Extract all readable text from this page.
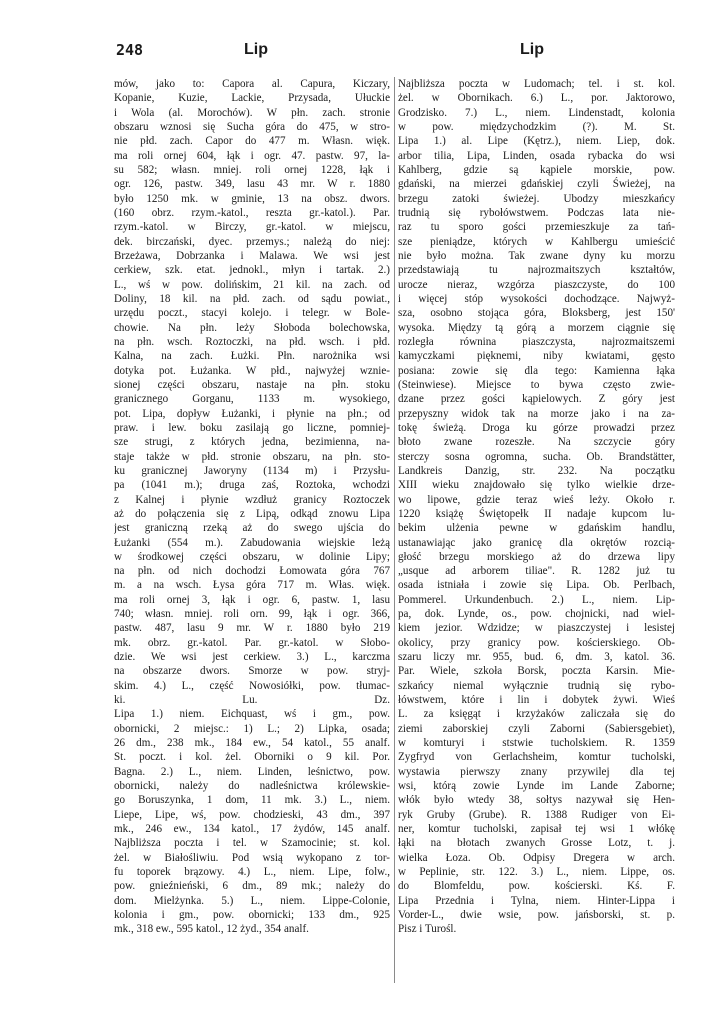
248	Lip	Lip
mów, jako to: Capora al. Capura, Kiczary,
Kopanie, Kuzie, Lackie, Przysada, Ułuckie
i Wola (al. Morochów). W płn. zach. stronie
obszaru wznosi się Sucha góra do 475, w stro-
nie płd. zach. Capor do 477 m. Własn. więk.
ma roli ornej 604, łąk i ogr. 47. pastw. 97, la-
su 582; własn. mniej. roli ornej 1228, łąk i
ogr. 126, pastw. 349, lasu 43 mr. W r. 1880
było 1250 mk. w gminie, 13 na obsz. dwors.
(160 obrz. rzym.-katol., reszta gr.-katol.). Par.
rzym.-katol. w Birczy, gr.-katol. w miejscu,
dek. birczański, dyec. przemys.; należą do niej:
Brzeżawa, Dobrzanka i Malawa. We wsi jest
cerkiew, szk. etat. jednokl., młyn i tartak. 2.)
L., wś w pow. dolińskim, 21 kil. na zach. od
Doliny, 18 kil. na płd. zach. od sądu powiat.,
urzędu poczt., stacyi kolejo. i telegr. w Bole-
chowie. Na płn. leży Słoboda bolechowska,
na płn. wsch. Roztoczki, na płd. wsch. i płd.
Kalna, na zach. Łużki. Płn. narożnika wsi
dotyka pot. Łużanka. W płd., najwyżej wznie-
sionej części obszaru, nastaje na płn. stoku
granicznego Gorganu, 1133 m. wysokiego,
pot. Lipa, dopływ Łużanki, i płynie na płn.; od
praw. i lew. boku zasilają go liczne, pomniej-
sze strugi, z których jedna, bezimienna, na-
staje także w płd. stronie obszaru, na płn. sto-
ku granicznej Jaworyny (1134 m) i Przysłu-
pa (1041 m.); druga zaś, Roztoka, wchodzi
z Kalnej i płynie wzdłuż granicy Roztoczek
aż do połączenia się z Lipą, odkąd znowu Lipa
jest graniczną rzeką aż do swego ujścia do
Łużanki (554 m.). Zabudowania wiejskie leżą
w środkowej części obszaru, w dolinie Lipy;
na płn. od nich dochodzi Łomowata góra 767
m. a na wsch. Łysa góra 717 m. Włas. więk.
ma roli ornej 3, łąk i ogr. 6, pastw. 1, lasu
740; własn. mniej. roli orn. 99, łąk i ogr. 366,
pastw. 487, lasu 9 mr. W r. 1880 było 219
mk. obrz. gr.-katol. Par. gr.-katol. w Słobo-
dzie. We wsi jest cerkiew. 3.) L., karczma
na obszarze dwors. Smorze w pow. stryj-
skim. 4.) L., część Nowosiółki, pow. tłumac-
ki. Lu. Dz.
Lipa 1.) niem. Eichquast, wś i gm., pow.
obornicki, 2 miejsc.: 1) L.; 2) Lipka, osada;
26 dm., 238 mk., 184 ew., 54 katol., 55 analf.
St. poczt. i kol. żel. Oborniki o 9 kil. Por.
Bagna. 2.) L., niem. Linden, leśnictwo, pow.
obornicki, należy do nadleśnictwa królewskie-
go Boruszynka, 1 dom, 11 mk. 3.) L., niem.
Liepe, Lipe, wś, pow. chodzieski, 43 dm., 397
mk., 246 ew., 134 katol., 17 żydów, 145 analf.
Najbliższa poczta i tel. w Szamocinie; st. kol.
żel. w Białośliwiu. Pod wsią wykopano z tor-
fu toporek brązowy. 4.) L., niem. Lipe, folw.,
pow. gnieźnieński, 6 dm., 89 mk.; należy do
dom. Mielżynka. 5.) L., niem. Lippe-Colonie,
kolonia i gm., pow. obornicki; 133 dm., 925
mk., 318 ew., 595 katol., 12 żyd., 354 analf.
Najbliższa poczta w Ludomach; tel. i st. kol.
żel. w Obornikach. 6.) L., por. Jaktorowo,
Grodzisko. 7.) L., niem. Lindenstadt, kolonia
w pow. międzychodzkim (?). M. St.
Lipa 1.) al. Lipe (Kętrz.), niem. Liep, dok.
arbor tilia, Lipa, Linden, osada rybacka do wsi
Kahlberg, gdzie są kąpiele morskie, pow.
gdański, na mierzei gdańskiej czyli Świeżej, na
brzegu zatoki świeżej. Ubodzy mieszkańcy
trudnią się rybołówstwem. Podczas lata nie-
raz tu sporo gości przemieszkuje za tań-
sze pieniądze, których w Kahlbergu umieścić
nie było można. Tak zwane dyny ku morzu
przedstawiają tu najrozmaitszych kształtów,
urocze nieraz, wzgórza piaszczyste, do 100
i więcej stóp wysokości dochodzące. Najwyż-
sza, osobno stojąca góra, Bloksberg, jest 150'
wysoka. Między tą górą a morzem ciągnie się
rozległa równina piaszczysta, najrozmaitszemi
kamyczkami pięknemi, niby kwiatami, gęsto
posiana: zowie się dla tego: Kamienna łąka
(Steinwiese). Miejsce to bywa często zwie-
dzane przez gości kąpielowych. Z góry jest
przepyszny widok tak na morze jako i na za-
tokę świeżą. Droga ku górze prowadzi przez
błoto zwane rozeszłe. Na szczycie góry
sterczy sosna ogromna, sucha. Ob. Brandstätter,
Landkreis Danzig, str. 232. Na początku
XIII wieku znajdowało się tylko wielkie drze-
wo lipowe, gdzie teraz wieś leży. Około r.
1220 książę Świętopełk II nadaje kupcom lu-
bekim ulżenia pewne w gdańskim handlu,
ustanawiając jako granicę dla okrętów rozcią-
głość brzegu morskiego aż do drzewa lipy
„usque ad arborem tiliae". R. 1282 już tu
osada istniała i zowie się Lipa. Ob. Perlbach,
Pommerel. Urkundenbuch. 2.) L., niem. Lip-
pa, dok. Lynde, os., pow. chojnicki, nad wiel-
kiem jezior. Wdzidze; w piaszczystej i lesistej
okolicy, przy granicy pow. kościerskiego. Ob-
szaru liczy mr. 955, bud. 6, dm. 3, katol. 36.
Par. Wiele, szkoła Borsk, poczta Karsin. Mie-
szkańcy niemal wyłącznie trudnią się rybo-
łówstwem, które i lin i dobytek żywi. Wieś
L. za księgąt i krzyżaków zaliczała się do
ziemi zaborskiej czyli Zaborni (Sabiersgebiet),
w komturyi i ststwie tucholskiem. R. 1359
Zygfryd von Gerlachsheim, komtur tucholski,
wystawia pierwszy znany przywilej dla tej
wsi, którą zowie Lynde im Lande Zaborne;
włók było wtedy 38, sołtys nazywał się Hen-
ryk Gruby (Grube). R. 1388 Rudiger von Ei-
ner, komtur tucholski, zapisał tej wsi 1 włókę
łąki na błotach zwanych Grosse Lotz, t. j.
wielka Łoza. Ob. Odpisy Dregera w arch.
w Peplinie, str. 122. 3.) L., niem. Lippe, os.
do Blomfeldu, pow. kościerski. Kś. F.
Lipa Przednia i Tylna, niem. Hinter-Lippa i
Vorder-L., dwie wsie, pow. jańsborski, st. p.
Pisz i Turośl.
